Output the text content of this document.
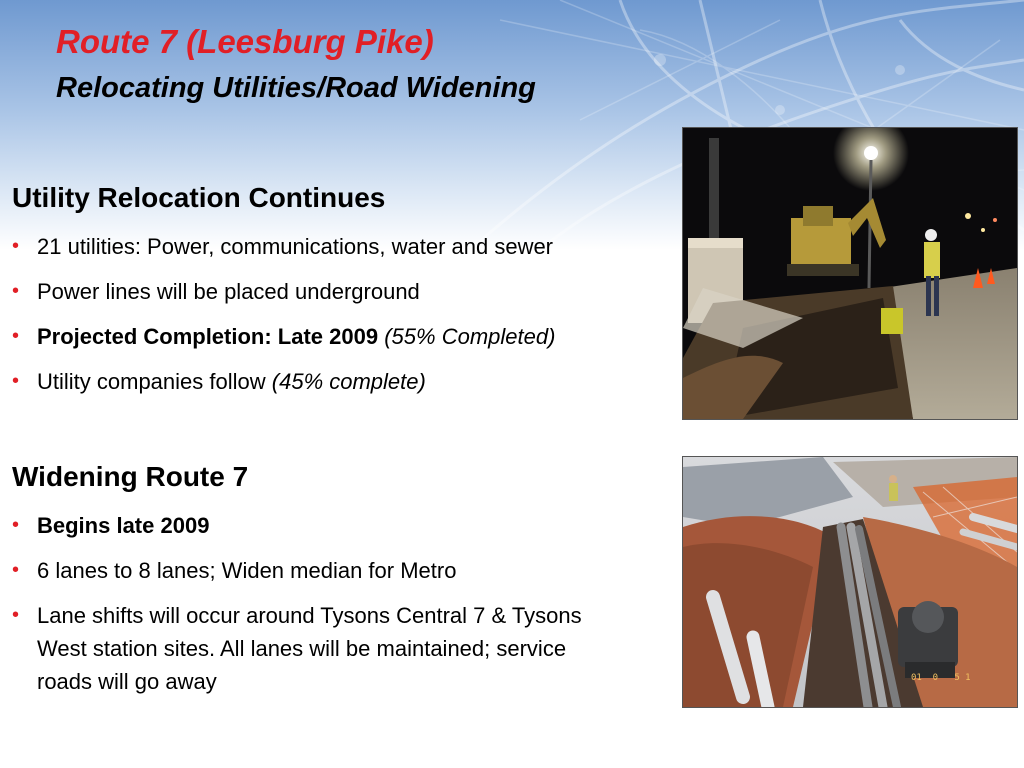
Route 7 (Leesburg Pike)
Relocating Utilities/Road Widening
Utility Relocation Continues
• 21 utilities: Power, communications, water and sewer
• Power lines will be placed underground
• Projected Completion: Late 2009 (55% Completed)
• Utility companies follow (45% complete)
Widening Route 7
• Begins late 2009
• 6 lanes to 8 lanes; Widen median for Metro
• Lane shifts will occur around Tysons Central 7 & Tysons West station sites. All lanes will be maintained; service roads will go away	01  0   5 1
